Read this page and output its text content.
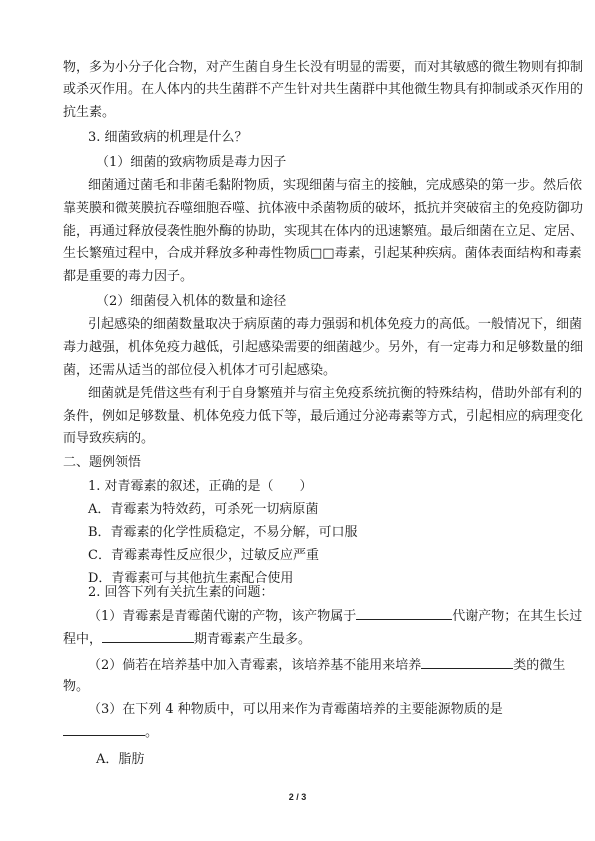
物，多为小分子化合物，对产生菌自身生长没有明显的需要，而对其敏感的微生物则有抑制
或杀灭作用。在人体内的共生菌群不产生针对共生菌群中其他微生物具有抑制或杀灭作用的
抗生素。
3. 细菌致病的机理是什么？
（1）细菌的致病物质是毒力因子
细菌通过菌毛和非菌毛黏附物质，实现细菌与宿主的接触，完成感染的第一步。然后依
靠荚膜和微荚膜抗吞噬细胞吞噬、抗体液中杀菌物质的破坏，抵抗并突破宿主的免疫防御功
能，再通过释放侵袭性胞外酶的协助，实现其在体内的迅速繁殖。最后细菌在立足、定居、
生长繁殖过程中，合成并释放多种毒性物质□□毒素，引起某种疾病。菌体表面结构和毒素
都是重要的毒力因子。
（2）细菌侵入机体的数量和途径
引起感染的细菌数量取决于病原菌的毒力强弱和机体免疫力的高低。一般情况下，细菌
毒力越强，机体免疫力越低，引起感染需要的细菌越少。另外，有一定毒力和足够数量的细
菌，还需从适当的部位侵入机体才可引起感染。
细菌就是凭借这些有利于自身繁殖并与宿主免疫系统抗衡的特殊结构，借助外部有利的
条件，例如足够数量、机体免疫力低下等，最后通过分泌毒素等方式，引起相应的病理变化
而导致疾病的。
二、题例领悟
1. 对青霉素的叙述，正确的是（　　）
A．青霉素为特效药，可杀死一切病原菌
B．青霉素的化学性质稳定，不易分解，可口服
C．青霉素毒性反应很少，过敏反应严重
D．青霉素可与其他抗生素配合使用
2. 回答下列有关抗生素的问题：
（1）青霉素是青霉菌代谢的产物，该产物属于	代谢产物；在其生长过
程中，	期青霉素产生最多。
（2）倘若在培养基中加入青霉素，该培养基不能用来培养	类的微生
物。
（3）在下列 4 种物质中，可以用来作为青霉菌培养的主要能源物质的是
。
A．脂肪
2 / 3
